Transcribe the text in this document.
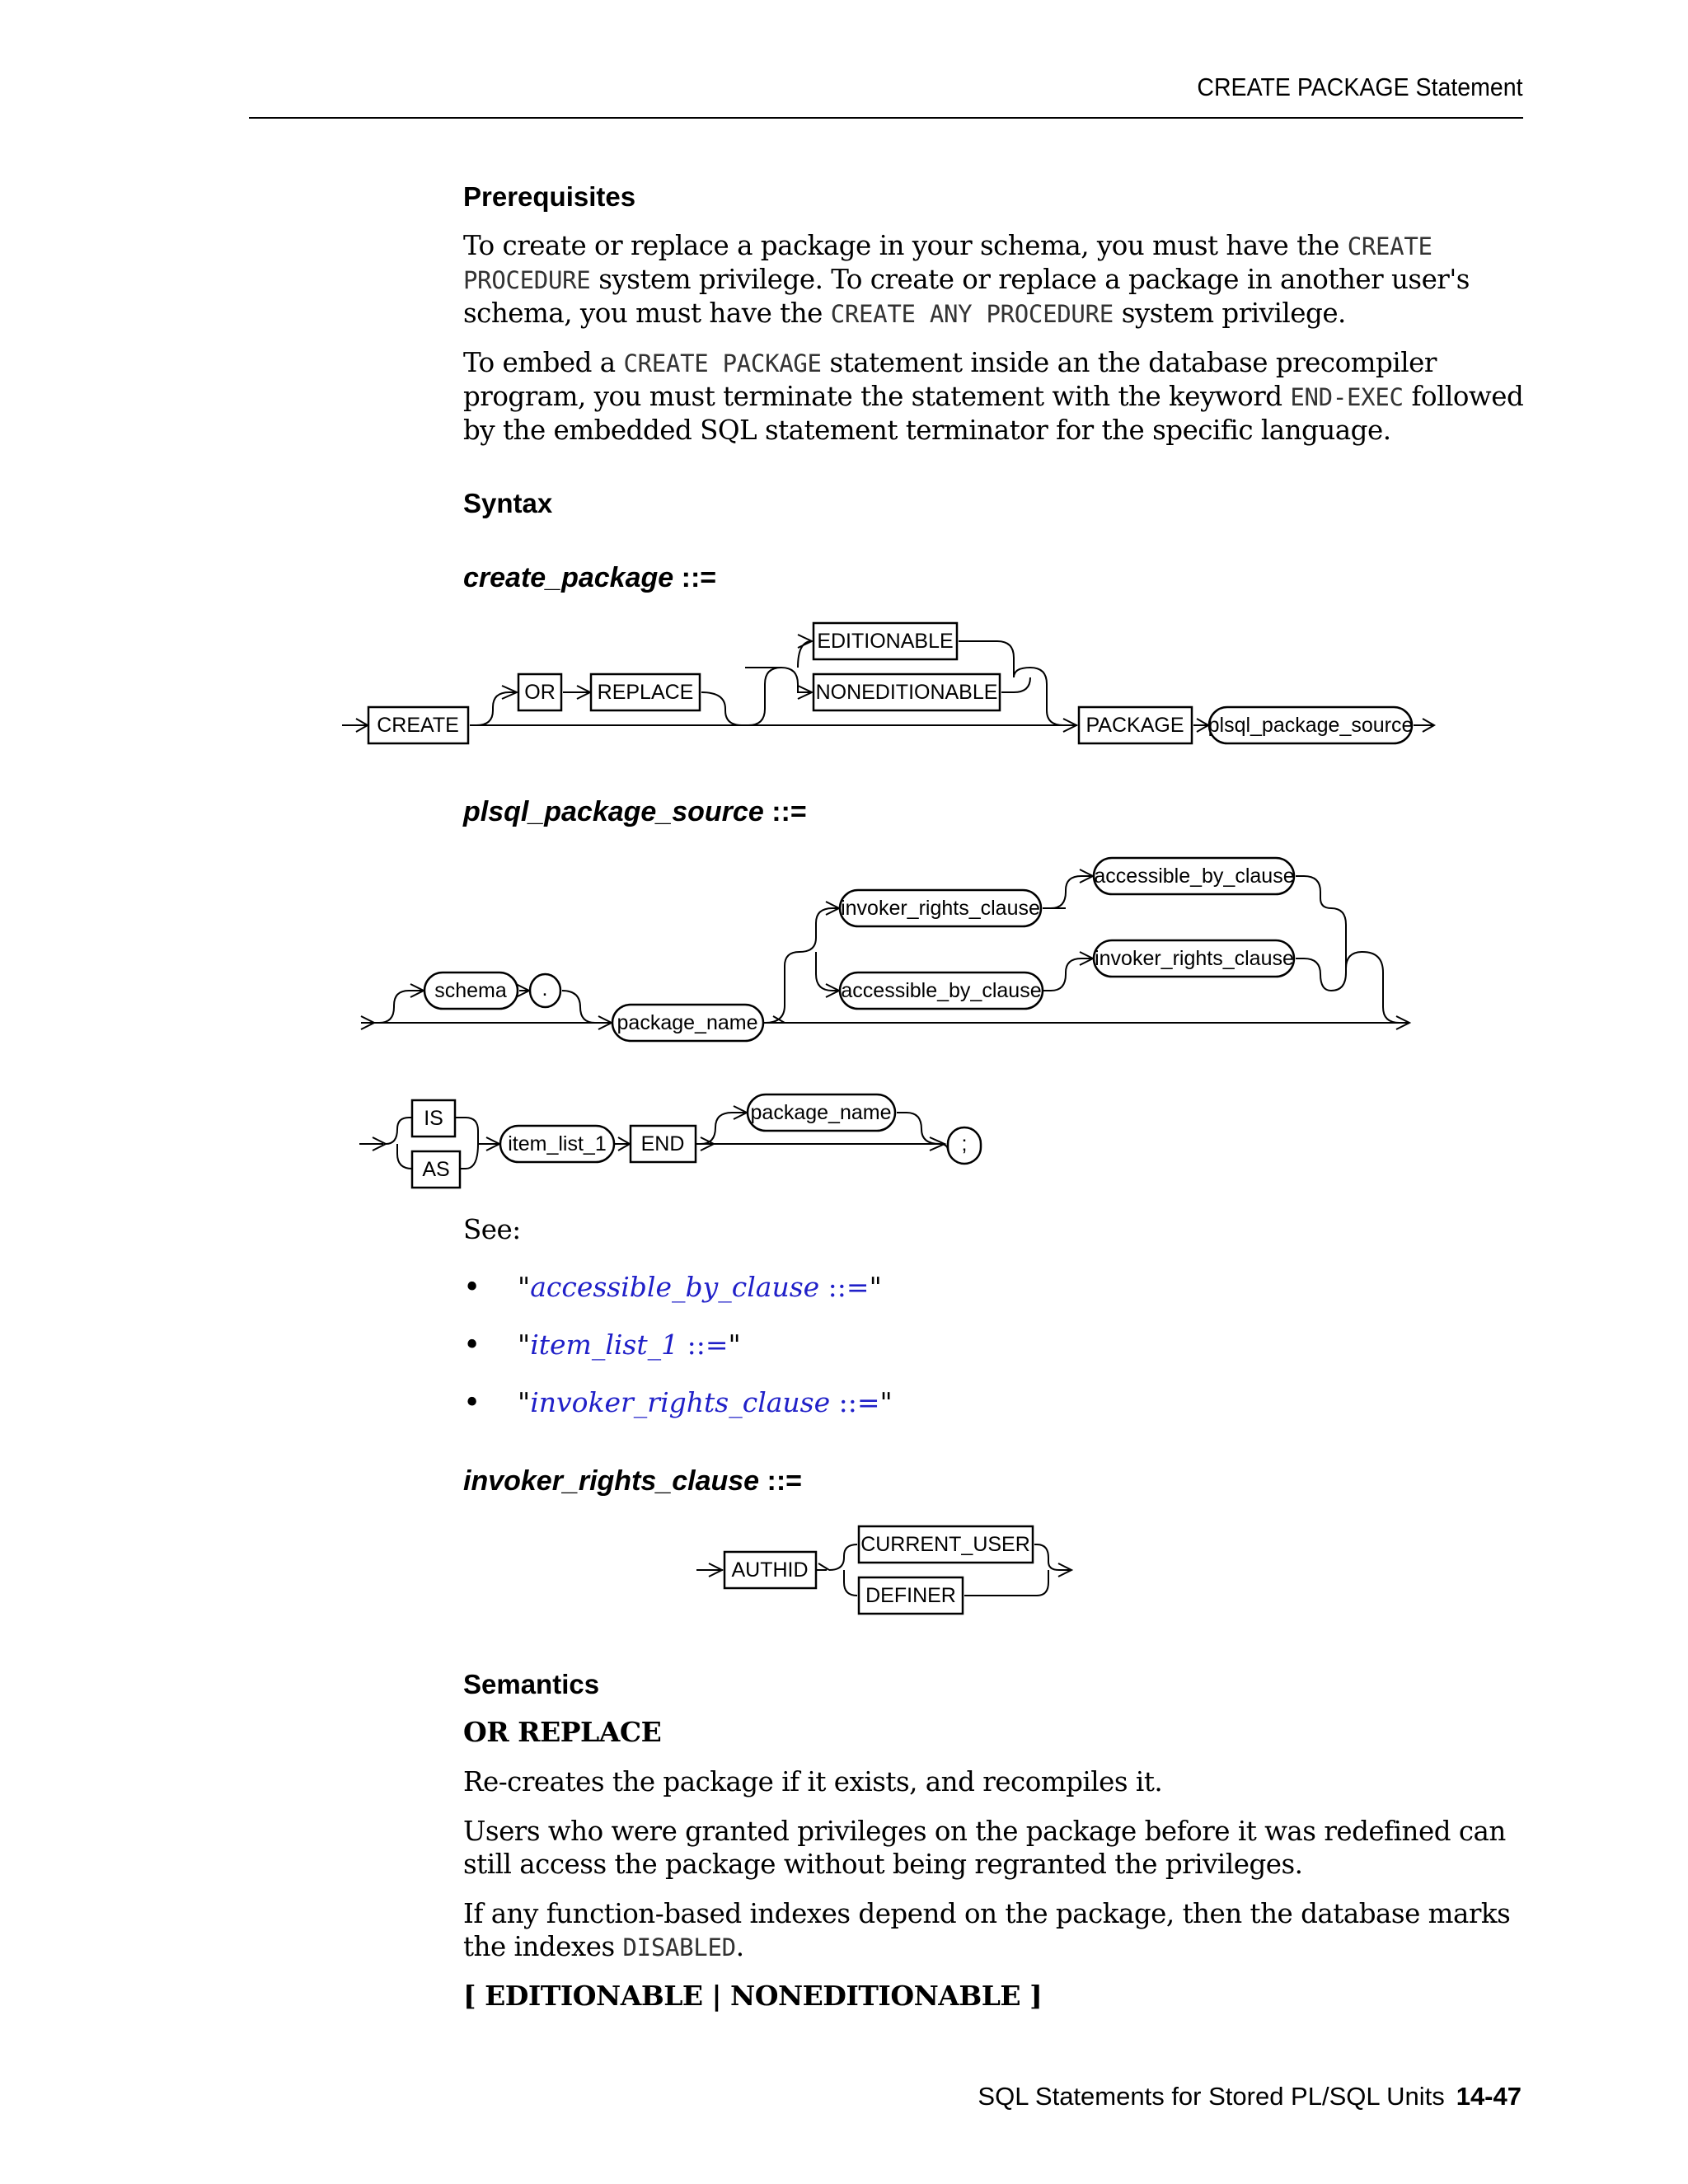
CREATE PACKAGE Statement
Prerequisites

To create or replace a package in your schema, you must have the CREATE PROCEDURE system privilege. To create or replace a package in another user's schema, you must have the CREATE ANY PROCEDURE system privilege.

To embed a CREATE PACKAGE statement inside an the database precompiler program, you must terminate the statement with the keyword END-EXEC followed by the embedded SQL statement terminator for the specific language.

Syntax
create_package ::=
CREATE
OR REPLACE
EDITIONABLE
NONEDITIONABLE
PACKAGE plsql_package_source
schema .
package_name
invoker_rights_clause
accessible_by_clause
accessible_by_clause
invoker_rights_clause
IS
AS
item_list_1 END
package_name
;
AUTHID
CURRENT_USER
DEFINER
plsql_package_source ::=
See:
• "accessible_by_clause ::="
• "item_list_1 ::="
• "invoker_rights_clause ::="
invoker_rights_clause ::=
Semantics
OR REPLACE
Re-creates the package if it exists, and recompiles it.
Users who were granted privileges on the package before it was redefined can still access the package without being regranted the privileges.
If any function-based indexes depend on the package, then the database marks the indexes DISABLED.
[ EDITIONABLE | NONEDITIONABLE ]
SQL Statements for Stored PL/SQL Units 14-47
